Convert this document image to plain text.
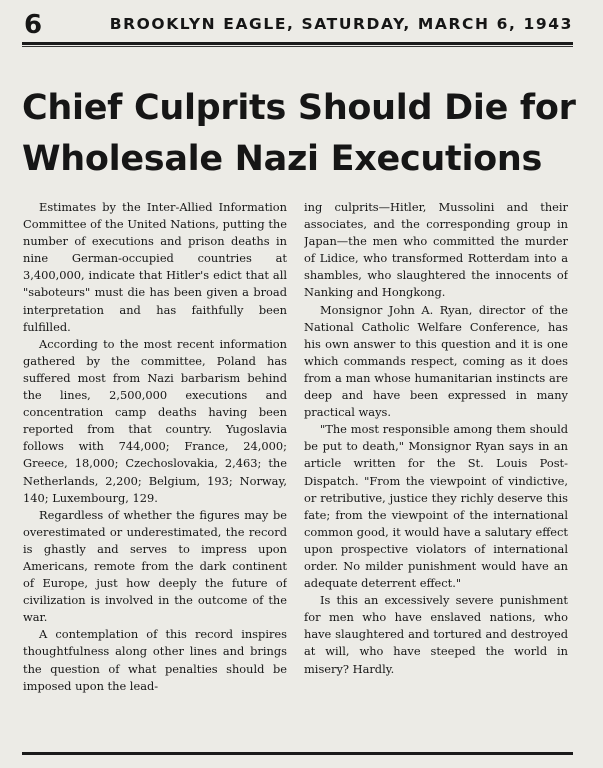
6	BROOKLYN EAGLE, SATURDAY, MARCH 6, 1943
Chief Culprits Should Die for
Wholesale Nazi Executions

Estimates by the Inter-Allied Information Committee of the United Nations, putting the number of executions and prison deaths in nine German-occupied countries at 3,400,000, indicate that Hitler's edict that all "saboteurs" must die has been given a broad interpretation and has faithfully been fulfilled.

According to the most recent information gathered by the committee, Poland has suffered most from Nazi barbarism behind the lines, 2,500,000 executions and concentration camp deaths having been reported from that country. Yugoslavia follows with 744,000; France, 24,000; Greece, 18,000; Czechoslovakia, 2,463; the Netherlands, 2,200; Belgium, 193; Norway, 140; Luxembourg, 129.

Regardless of whether the figures may be overestimated or underestimated, the record is ghastly and serves to impress upon Americans, remote from the dark continent of Europe, just how deeply the future of civilization is involved in the outcome of the war.

A contemplation of this record inspires thoughtfulness along other lines and brings the question of what penalties should be imposed upon the lead-

ing culprits—Hitler, Mussolini and their associates, and the corresponding group in Japan—the men who committed the murder of Lidice, who transformed Rotterdam into a shambles, who slaughtered the innocents of Nanking and Hongkong.

Monsignor John A. Ryan, director of the National Catholic Welfare Conference, has his own answer to this question and it is one which commands respect, coming as it does from a man whose humanitarian instincts are deep and have been expressed in many practical ways.

"The most responsible among them should be put to death," Monsignor Ryan says in an article written for the St. Louis Post-Dispatch. "From the viewpoint of vindictive, or retributive, justice they richly deserve this fate; from the viewpoint of the international common good, it would have a salutary effect upon prospective violators of international order. No milder punishment would have an adequate deterrent effect."

Is this an excessively severe punishment for men who have enslaved nations, who have slaughtered and tortured and destroyed at will, who have steeped the world in misery? Hardly.
